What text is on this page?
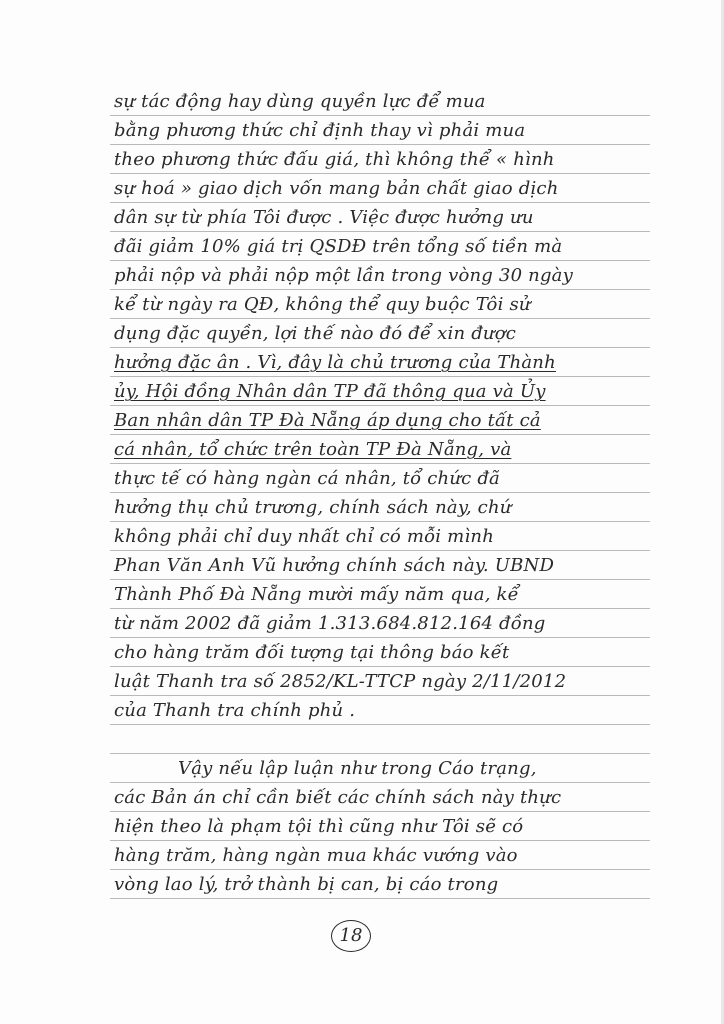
sự tác động hay dùng quyền lực để mua
bằng phương thức chỉ định thay vì phải mua
theo phương thức đấu giá, thì không thể « hình
sự hoá » giao dịch vốn mang bản chất giao dịch
dân sự từ phía Tôi được . Việc được hưởng ưu
đãi giảm 10% giá trị QSDĐ trên tổng số tiền mà
phải nộp và phải nộp một lần trong vòng 30 ngày
kể từ ngày ra QĐ, không thể quy buộc Tôi sử
dụng đặc quyền, lợi thế nào đó để xin được
hưởng đặc ân . Vì, đây là chủ trương của Thành
ủy, Hội đồng Nhân dân TP đã thông qua và Ủy
Ban nhân dân TP Đà Nẵng áp dụng cho tất cả
cá nhân, tổ chức trên toàn TP Đà Nẵng, và
thực tế có hàng ngàn cá nhân, tổ chức đã
hưởng thụ chủ trương, chính sách này, chứ
không phải chỉ duy nhất chỉ có mỗi mình
Phan Văn Anh Vũ hưởng chính sách này. UBND
Thành Phố Đà Nẵng mười mấy năm qua, kể
từ năm 2002 đã giảm 1.313.684.812.164 đồng
cho hàng trăm đối tượng tại thông báo kết
luật Thanh tra số 2852/KL-TTCP ngày 2/11/2012
của Thanh tra chính phủ .
Vậy nếu lập luận như trong Cáo trạng,
các Bản án chỉ cần biết các chính sách này thực
hiện theo là phạm tội thì cũng như Tôi sẽ có
hàng trăm, hàng ngàn mua khác vướng vào
vòng lao lý, trở thành bị can, bị cáo trong
18
